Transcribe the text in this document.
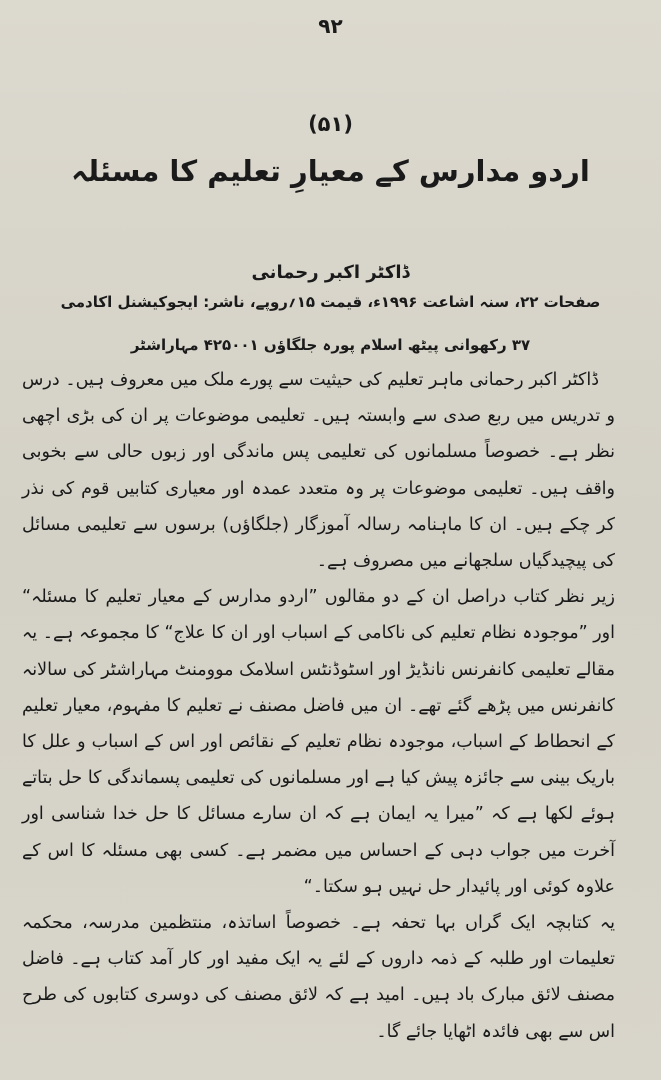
٩٢
(۵۱)
اردو مدارس کے معیارِ تعلیم کا مسئلہ
ڈاکٹر اکبر رحمانی
صفحات ۲۲، سنہ اشاعت ۱۹۹۶ء، قیمت ۱۵؍روپے، ناشر: ایجوکیشنل اکادمی
۳۷ رکھوانی پیٹھ اسلام پورہ جلگاؤں ۴۲۵۰۰۱ مہاراشٹر

ڈاکٹر اکبر رحمانی ماہر تعلیم کی حیثیت سے پورے ملک میں معروف ہیں۔ درس و تدریس میں ربع صدی سے وابستہ ہیں۔ تعلیمی موضوعات پر ان کی بڑی اچھی نظر ہے۔ خصوصاً مسلمانوں کی تعلیمی پس ماندگی اور زبوں حالی سے بخوبی واقف ہیں۔ تعلیمی موضوعات پر وہ متعدد عمدہ اور معیاری کتابیں قوم کی نذر کر چکے ہیں۔ ان کا ماہنامہ رسالہ آموزگار (جلگاؤں) برسوں سے تعلیمی مسائل کی پیچیدگیاں سلجھانے میں مصروف ہے۔

زیر نظر کتاب دراصل ان کے دو مقالوں ”اردو مدارس کے معیار تعلیم کا مسئلہ“ اور ”موجودہ نظام تعلیم کی ناکامی کے اسباب اور ان کا علاج“ کا مجموعہ ہے۔ یہ مقالے تعلیمی کانفرنس نانڈیڑ اور اسٹوڈنٹس اسلامک موومنٹ مہاراشٹر کی سالانہ کانفرنس میں پڑھے گئے تھے۔ ان میں فاضل مصنف نے تعلیم کا مفہوم، معیار تعلیم کے انحطاط کے اسباب، موجودہ نظام تعلیم کے نقائص اور اس کے اسباب و علل کا باریک بینی سے جائزہ پیش کیا ہے اور مسلمانوں کی تعلیمی پسماندگی کا حل بتاتے ہوئے لکھا ہے کہ ”میرا یہ ایمان ہے کہ ان سارے مسائل کا حل خدا شناسی اور آخرت میں جواب دہی کے احساس میں مضمر ہے۔ کسی بھی مسئلہ کا اس کے علاوہ کوئی اور پائیدار حل نہیں ہو سکتا۔“

یہ کتابچہ ایک گراں بہا تحفہ ہے۔ خصوصاً اساتذہ، منتظمین مدرسہ، محکمہ تعلیمات اور طلبہ کے ذمہ داروں کے لئے یہ ایک مفید اور کار آمد کتاب ہے۔ فاضل مصنف لائق مبارک باد ہیں۔ امید ہے کہ لائق مصنف کی دوسری کتابوں کی طرح اس سے بھی فائدہ اٹھایا جائے گا۔
